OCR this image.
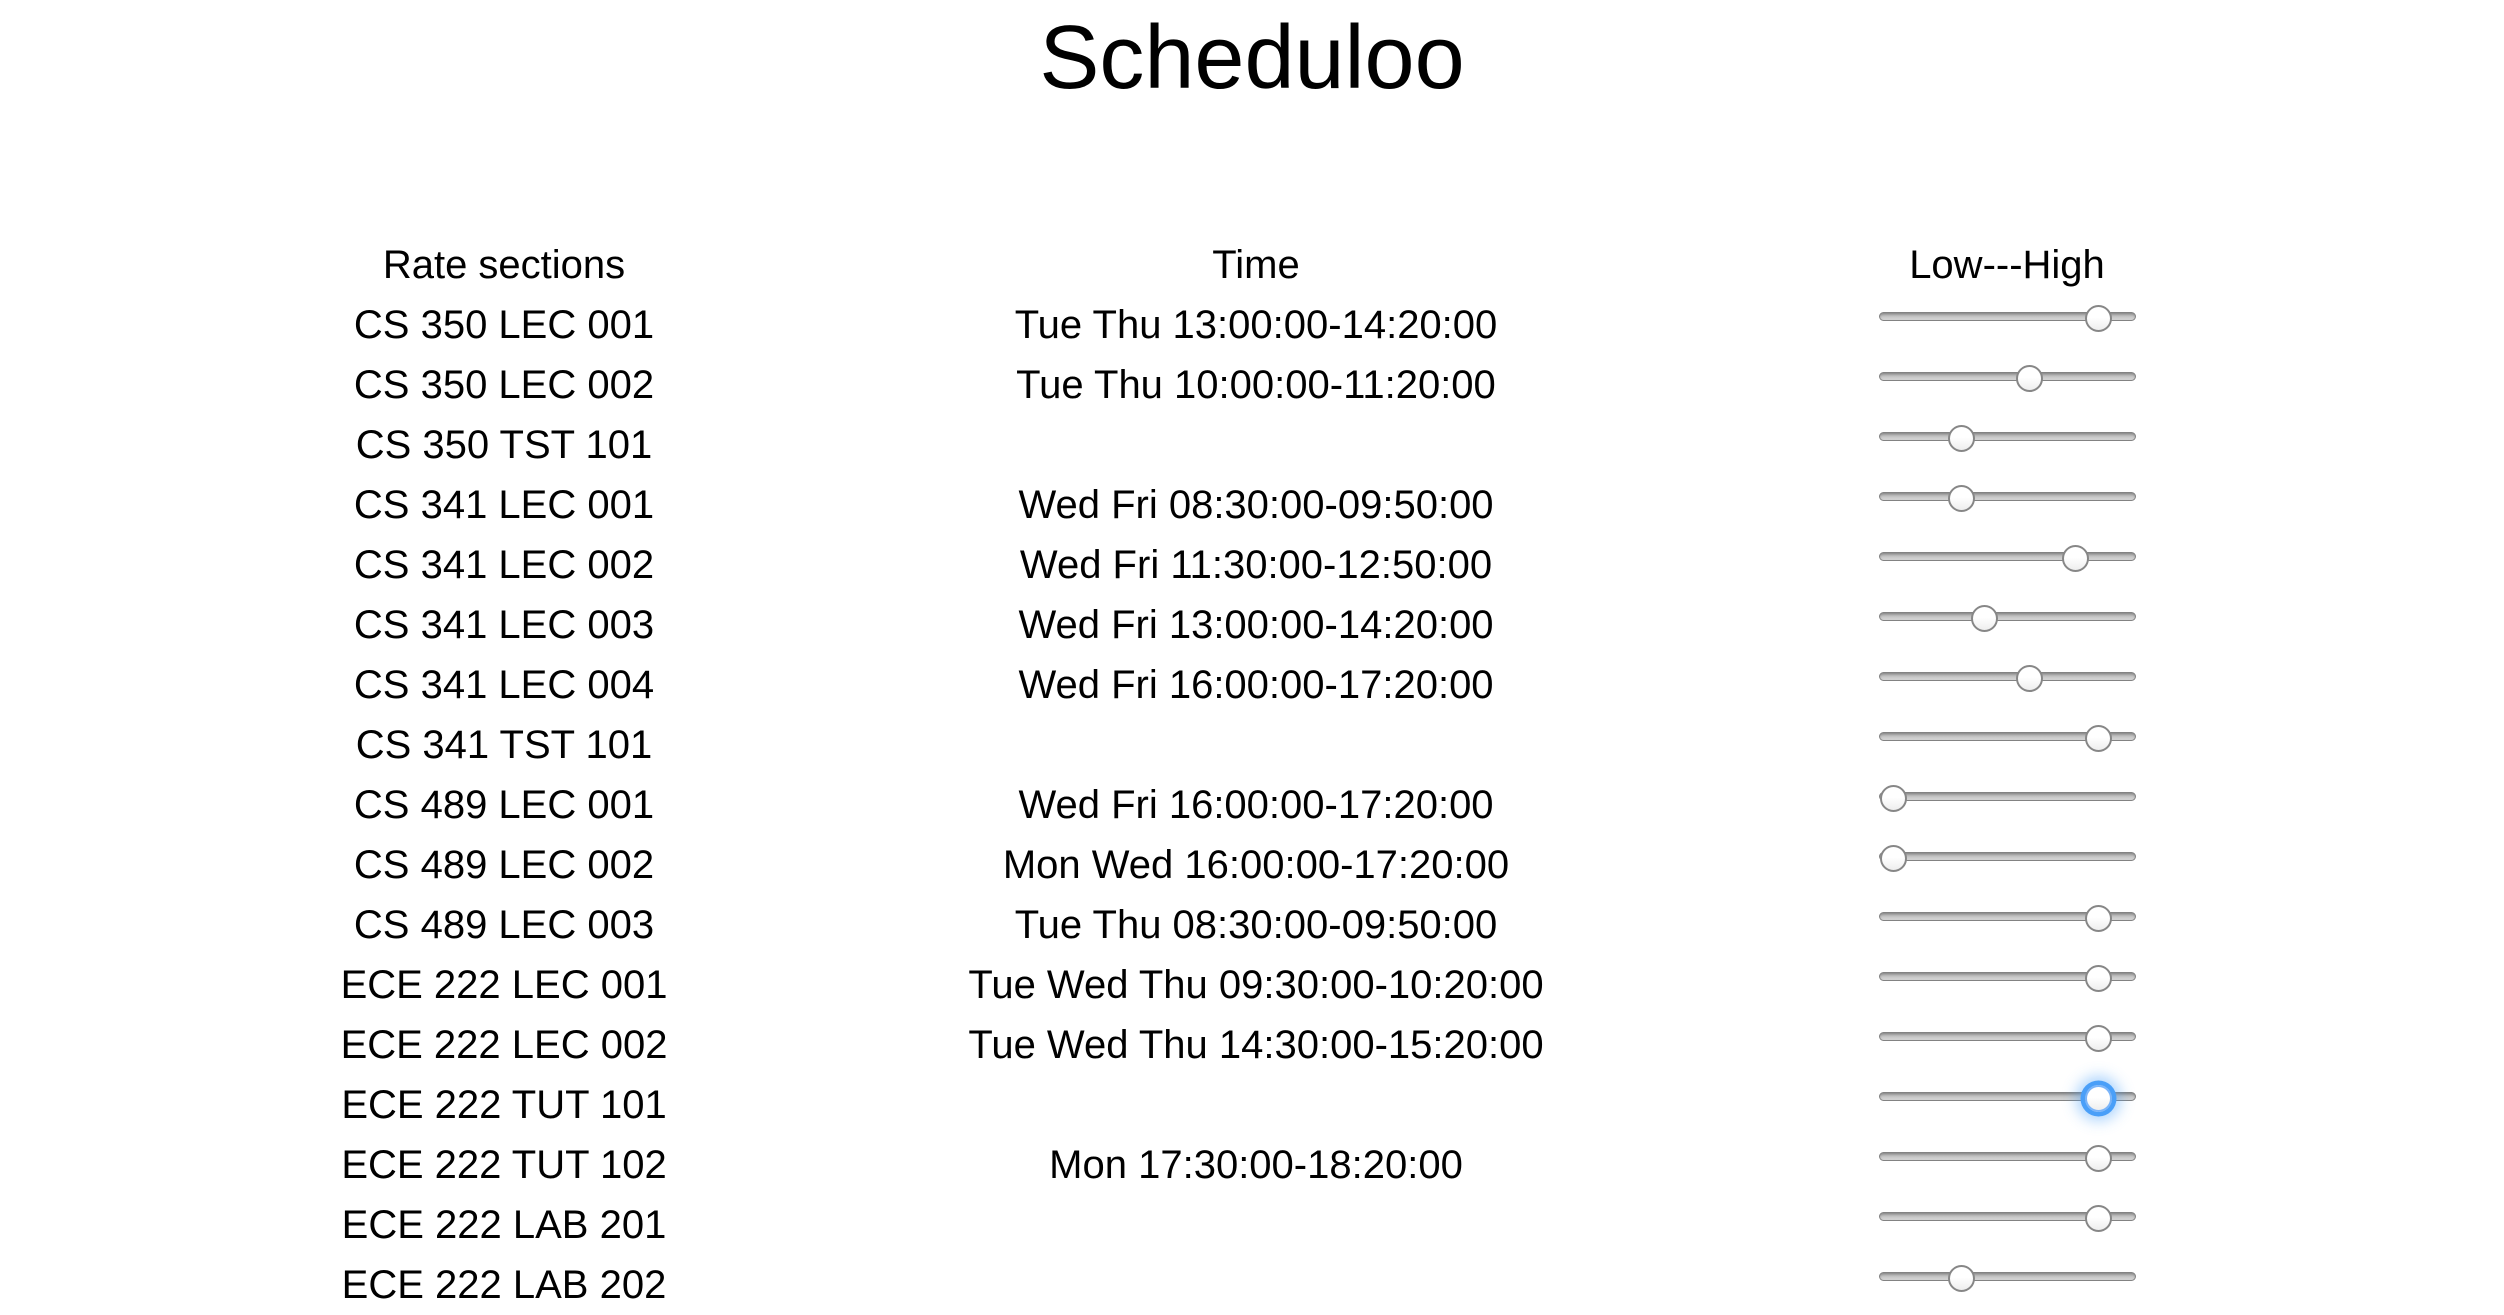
Scheduloo
Rate sections
CS 350 LEC 001
CS 350 LEC 002
CS 350 TST 101
CS 341 LEC 001
CS 341 LEC 002
CS 341 LEC 003
CS 341 LEC 004
CS 341 TST 101
CS 489 LEC 001
CS 489 LEC 002
CS 489 LEC 003
ECE 222 LEC 001
ECE 222 LEC 002
ECE 222 TUT 101
ECE 222 TUT 102
ECE 222 LAB 201
ECE 222 LAB 202
Time
Tue Thu 13:00:00-14:20:00
Tue Thu 10:00:00-11:20:00
Wed Fri 08:30:00-09:50:00
Wed Fri 11:30:00-12:50:00
Wed Fri 13:00:00-14:20:00
Wed Fri 16:00:00-17:20:00
Wed Fri 16:00:00-17:20:00
Mon Wed 16:00:00-17:20:00
Tue Thu 08:30:00-09:50:00
Tue Wed Thu 09:30:00-10:20:00
Tue Wed Thu 14:30:00-15:20:00
Mon 17:30:00-18:20:00
Low---High
